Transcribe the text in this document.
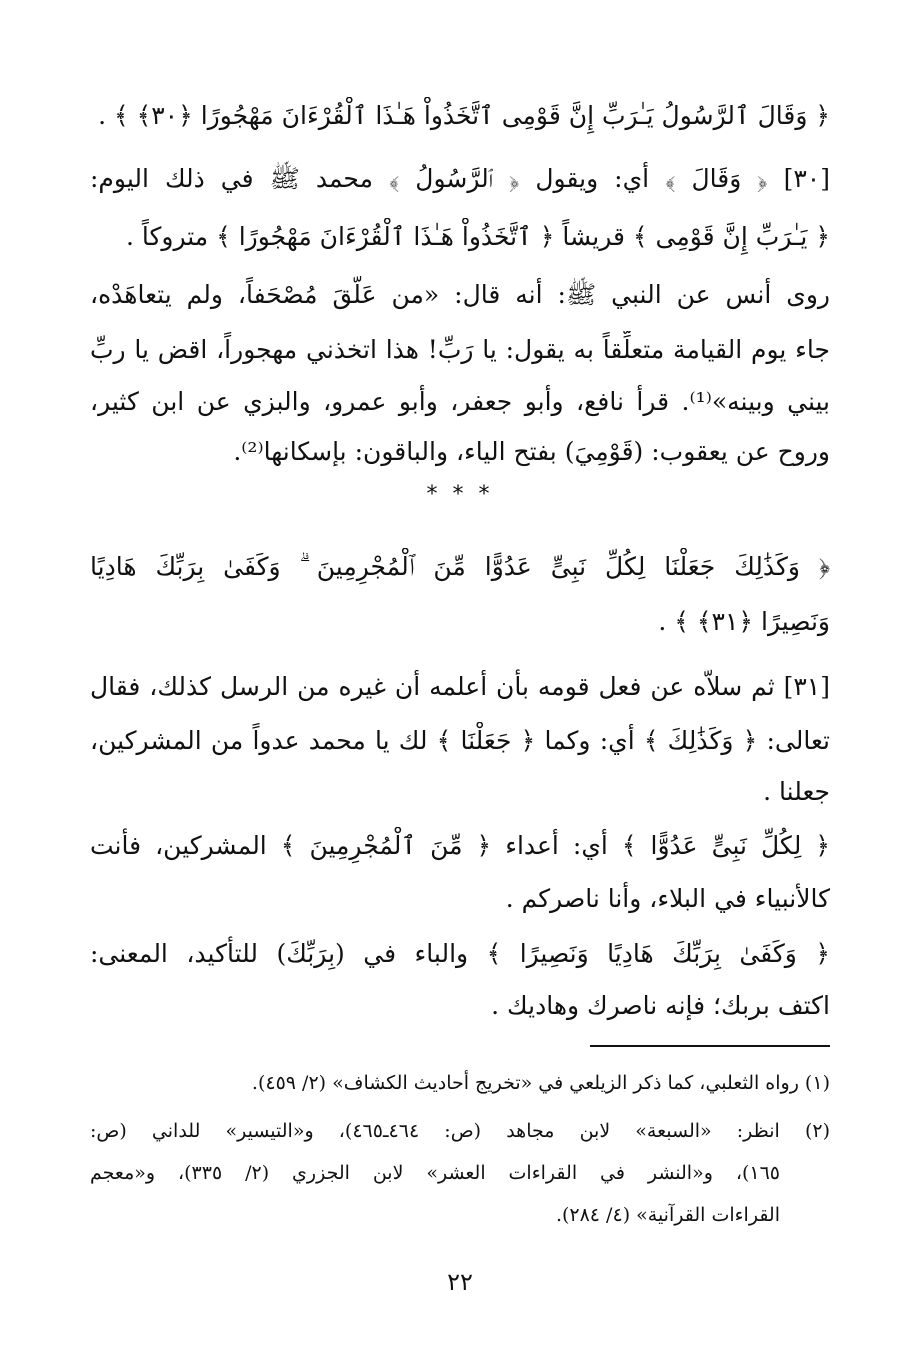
﴿ وَقَالَ ٱلرَّسُولُ يَـٰرَبِّ إِنَّ قَوْمِى ٱتَّخَذُواْ هَـٰذَا ٱلْقُرْءَانَ مَهْجُورًا ﴿٣٠﴾ ﴾ .
[٣٠] ﴿ وَقَالَ ﴾ أي: ويقول ﴿ ٱلرَّسُولُ ﴾ محمد ﷺ في ذلك اليوم:
﴿ يَـٰرَبِّ إِنَّ قَوْمِى ﴾ قريشاً ﴿ ٱتَّخَذُواْ هَـٰذَا ٱلْقُرْءَانَ مَهْجُورًا ﴾ متروكاً .
روى أنس عن النبي ﷺ: أنه قال: «من عَلَّقَ مُصْحَفاً، ولم يتعاهَدْه،
جاء يوم القيامة متعلِّقاً به يقول: يا رَبِّ! هذا اتخذني مهجوراً، اقض يا ربِّ
بيني وبينه»⁽¹⁾. قرأ نافع، وأبو جعفر، وأبو عمرو، والبزي عن ابن كثير،
وروح عن يعقوب: (قَوْمِيَ) بفتح الياء، والباقون: بإسكانها⁽²⁾.
* * *
﴿ وَكَذَٰلِكَ جَعَلْنَا لِكُلِّ نَبِىٍّ عَدُوًّا مِّنَ ٱلْمُجْرِمِينَ ۗ وَكَفَىٰ بِرَبِّكَ هَادِيًا
وَنَصِيرًا ﴿٣١﴾ ﴾ .
[٣١] ثم سلاّه عن فعل قومه بأن أعلمه أن غيره من الرسل كذلك، فقال
تعالى: ﴿ وَكَذَٰلِكَ ﴾ أي: وكما ﴿ جَعَلْنَا ﴾ لك يا محمد عدواً من المشركين،
جعلنا .
﴿ لِكُلِّ نَبِىٍّ عَدُوًّا ﴾ أي: أعداء ﴿ مِّنَ ٱلْمُجْرِمِينَ ﴾ المشركين، فأنت
كالأنبياء في البلاء، وأنا ناصركم .
﴿ وَكَفَىٰ بِرَبِّكَ هَادِيًا وَنَصِيرًا ﴾ والباء في (بِرَبِّكَ) للتأكيد، المعنى:
اكتف بربك؛ فإنه ناصرك وهاديك .
(١) رواه الثعلبي، كما ذكر الزيلعي في «تخريج أحاديث الكشاف» (٢/ ٤٥٩).
(٢) انظر: «السبعة» لابن مجاهد (ص: ٤٦٤ـ٤٦٥)، و«التيسير» للداني (ص:
١٦٥)، و«النشر في القراءات العشر» لابن الجزري (٢/ ٣٣٥)، و«معجم
القراءات القرآنية» (٤/ ٢٨٤).
٢٢
